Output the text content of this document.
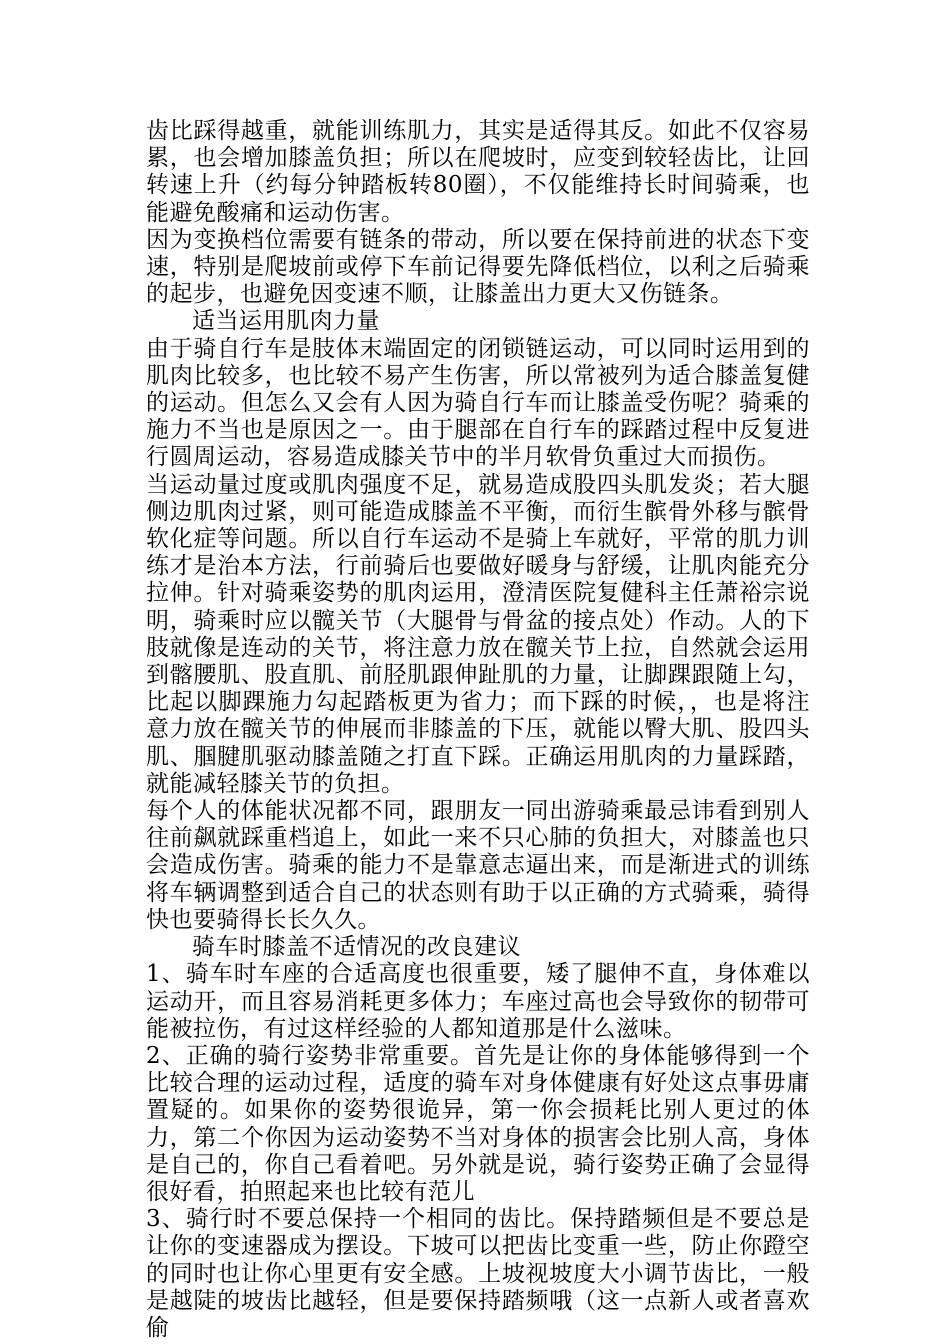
齿比踩得越重，就能训练肌力，其实是适得其反。如此不仅容易累，也会增加膝盖负担；所以在爬坡时，应变到较轻齿比，让回转速上升（约每分钟踏板转80圈），不仅能维持长时间骑乘，也能避免酸痛和运动伤害。

因为变换档位需要有链条的带动，所以要在保持前进的状态下变速，特别是爬坡前或停下车前记得要先降低档位，以利之后骑乘的起步，也避免因变速不顺，让膝盖出力更大又伤链条。

适当运用肌肉力量

由于骑自行车是肢体末端固定的闭锁链运动，可以同时运用到的肌肉比较多，也比较不易产生伤害，所以常被列为适合膝盖复健的运动。但怎么又会有人因为骑自行车而让膝盖受伤呢？骑乘的施力不当也是原因之一。由于腿部在自行车的踩踏过程中反复进行圆周运动，容易造成膝关节中的半月软骨负重过大而损伤。

当运动量过度或肌肉强度不足，就易造成股四头肌发炎；若大腿侧边肌肉过紧，则可能造成膝盖不平衡，而衍生髌骨外移与髌骨软化症等问题。所以自行车运动不是骑上车就好，平常的肌力训练才是治本方法，行前骑后也要做好暖身与舒缓，让肌肉能充分拉伸。针对骑乘姿势的肌肉运用，澄清医院复健科主任萧裕宗说明，骑乘时应以髋关节（大腿骨与骨盆的接点处）作动。人的下肢就像是连动的关节，将注意力放在髋关节上拉，自然就会运用到髂腰肌、股直肌、前胫肌跟伸趾肌的力量，让脚踝跟随上勾，比起以脚踝施力勾起踏板更为省力；而下踩的时候，，也是将注意力放在髋关节的伸展而非膝盖的下压，就能以臀大肌、股四头肌、腘腱肌驱动膝盖随之打直下踩。正确运用肌肉的力量踩踏，就能减轻膝关节的负担。

每个人的体能状况都不同，跟朋友一同出游骑乘最忌讳看到别人往前飙就踩重档追上，如此一来不只心肺的负担大，对膝盖也只会造成伤害。骑乘的能力不是靠意志逼出来，而是渐进式的训练将车辆调整到适合自己的状态则有助于以正确的方式骑乘，骑得快也要骑得长长久久。

骑车时膝盖不适情况的改良建议

1、骑车时车座的合适高度也很重要，矮了腿伸不直，身体难以运动开，而且容易消耗更多体力；车座过高也会导致你的韧带可能被拉伤，有过这样经验的人都知道那是什么滋味。

2、正确的骑行姿势非常重要。首先是让你的身体能够得到一个比较合理的运动过程，适度的骑车对身体健康有好处这点事毋庸置疑的。如果你的姿势很诡异，第一你会损耗比别人更过的体力，第二个你因为运动姿势不当对身体的损害会比别人高，身体是自己的，你自己看着吧。另外就是说，骑行姿势正确了会显得很好看，拍照起来也比较有范儿

3、骑行时不要总保持一个相同的齿比。保持踏频但是不要总是让你的变速器成为摆设。下坡可以把齿比变重一些，防止你蹬空的同时也让你心里更有安全感。上坡视坡度大小调节齿比，一般是越陡的坡齿比越轻，但是要保持踏频哦（这一点新人或者喜欢偷
